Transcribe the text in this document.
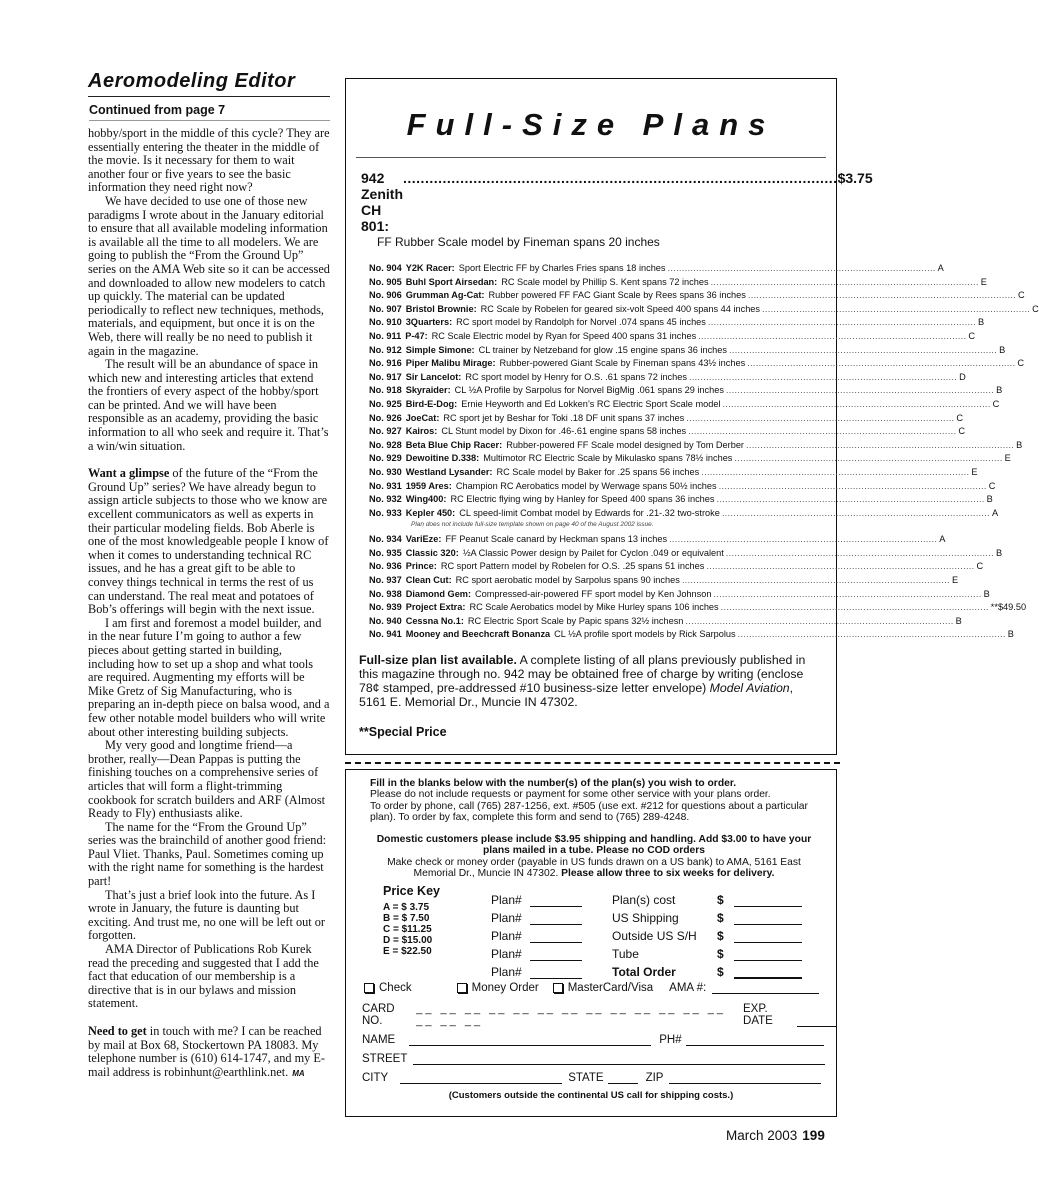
Aeromodeling Editor
Continued from page 7

hobby/sport in the middle of this cycle? They are essentially entering the theater in the middle of the movie. Is it necessary for them to wait another four or five years to see the basic information they need right now?

We have decided to use one of those new paradigms I wrote about in the January editorial to ensure that all available modeling information is available all the time to all modelers. We are going to publish the “From the Ground Up” series on the AMA Web site so it can be accessed and downloaded to allow new modelers to catch up quickly. The material can be updated periodically to reflect new techniques, methods, materials, and equipment, but once it is on the Web, there will really be no need to publish it again in the magazine.

The result will be an abundance of space in which new and interesting articles that extend the frontiers of every aspect of the hobby/sport can be printed. And we will have been responsible as an academy, providing the basic information to all who seek and require it. That’s a win/win situation.

Want a glimpse of the future of the “From the Ground Up” series? We have already begun to assign article subjects to those who we know are excellent communicators as well as experts in their particular modeling fields. Bob Aberle is one of the most knowledgeable people I know of when it comes to understanding technical RC issues, and he has a great gift to be able to convey things technical in terms the rest of us can understand. The real meat and potatoes of Bob’s offerings will begin with the next issue.

I am first and foremost a model builder, and in the near future I’m going to author a few pieces about getting started in building, including how to set up a shop and what tools are required. Augmenting my efforts will be Mike Gretz of Sig Manufacturing, who is preparing an in-depth piece on balsa wood, and a few other notable model builders who will write about other interesting building subjects.

My very good and longtime friend—a brother, really—Dean Pappas is putting the finishing touches on a comprehensive series of articles that will form a flight-trimming cookbook for scratch builders and ARF (Almost Ready to Fly) enthusiasts alike.

The name for the “From the Ground Up” series was the brainchild of another good friend: Paul Vliet. Thanks, Paul. Sometimes coming up with the right name for something is the hardest part!

That’s just a brief look into the future. As I wrote in January, the future is daunting but exciting. And trust me, no one will be left out or forgotten.

AMA Director of Publications Rob Kurek read the preceding and suggested that I add the fact that education of our membership is a directive that is in our bylaws and mission statement.

Need to get in touch with me? I can be reached by mail at Box 68, Stockertown PA 18083. My telephone number is (610) 614-1747, and my E-mail address is robinhunt@earthlink.net. MA

Full-Size Plans
942 Zenith CH 801:
................................................................................................... $3.75
FF Rubber Scale model by Fineman spans 20 inches
No. 904 Y2K Racer: Sport Electric FF by Charles Fries spans 18 inches .............................................................................................. A
No. 905 Buhl Sport Airsedan: RC Scale model by Phillip S. Kent spans 72 inches .............................................................................................. E
No. 906 Grumman Ag-Cat: Rubber powered FF FAC Giant Scale by Rees spans 36 inches .............................................................................................. C
No. 907 Bristol Brownie: RC Scale by Robelen for geared six-volt Speed 400 spans 44 inches .............................................................................................. C
No. 910 3Quarters: RC sport model by Randolph for Norvel .074 spans 45 inches .............................................................................................. B
No. 911 P-47: RC Scale Electric model by Ryan for Speed 400 spans 31 inches .............................................................................................. C
No. 912 Simple Simone: CL trainer by Netzeband for glow .15 engine spans 36 inches .............................................................................................. B
No. 916 Piper Malibu Mirage: Rubber-powered Giant Scale by Fineman spans 43½ inches .............................................................................................. C
No. 917 Sir Lancelot: RC sport model by Henry for O.S. .61 spans 72 inches .............................................................................................. D
No. 918 Skyraider: CL ½A Profile by Sarpolus for Norvel BigMig .061 spans 29 inches .............................................................................................. B
No. 925 Bird-E-Dog: Ernie Heyworth and Ed Lokken’s RC Electric Sport Scale model .............................................................................................. C
No. 926 JoeCat: RC sport jet by Beshar for Toki .18 DF unit spans 37 inches .............................................................................................. C
No. 927 Kairos: CL Stunt model by Dixon for .46-.61 engine spans 58 inches .............................................................................................. C
No. 928 Beta Blue Chip Racer: Rubber-powered FF Scale model designed by Tom Derber .............................................................................................. B
No. 929 Dewoitine D.338: Multimotor RC Electric Scale by Mikulasko spans 78½ inches .............................................................................................. E
No. 930 Westland Lysander: RC Scale model by Baker for .25 spans 56 inches .............................................................................................. E
No. 931 1959 Ares: Champion RC Aerobatics model by Werwage spans 50½ inches .............................................................................................. C
No. 932 Wing400: RC Electric flying wing by Hanley for Speed 400 spans 36 inches .............................................................................................. B
No. 933 Kepler 450: CL speed-limit Combat model by Edwards for .21-.32 two-stroke .............................................................................................. A
Plan does not include full-size template shown on page 40 of the August 2002 issue.
No. 934 VariEze: FF Peanut Scale canard by Heckman spans 13 inches .............................................................................................. A
No. 935 Classic 320: ½A Classic Power design by Pailet for Cyclon .049 or equivalent .............................................................................................. B
No. 936 Prince: RC sport Pattern model by Robelen for O.S. .25 spans 51 inches .............................................................................................. C
No. 937 Clean Cut: RC sport aerobatic model by Sarpolus spans 90 inches .............................................................................................. E
No. 938 Diamond Gem: Compressed-air-powered FF sport model by Ken Johnson .............................................................................................. B
No. 939 Project Extra: RC Scale Aerobatics model by Mike Hurley spans 106 inches .............................................................................................. **$49.50
No. 940 Cessna No.1: RC Electric Sport Scale by Papic spans 32½ inchesn .............................................................................................. B
No. 941 Mooney and Beechcraft Bonanza CL ½A profile sport models by Rick Sarpolus .............................................................................................. B

Full-size plan list available. A complete listing of all plans previously published in this magazine through no. 942 may be obtained free of charge by writing (enclose 78¢ stamped, pre-addressed #10 business-size letter envelope) Model Aviation, 5161 E. Memorial Dr., Muncie IN 47302.

**Special Price

Fill in the blanks below with the number(s) of the plan(s) you wish to order.

Please do not include requests or payment for some other service with your plans order.

To order by phone, call (765) 287-1256, ext. #505 (use ext. #212 for questions about a particular plan). To order by fax, complete this form and send to (765) 289-4248.

Domestic customers please include $3.95 shipping and handling. Add $3.00 to have your plans mailed in a tube. Please no COD orders

Make check or money order (payable in US funds drawn on a US bank) to AMA, 5161 East Memorial Dr., Muncie IN 47302. Please allow three to six weeks for delivery.

Price Key
A = $ 3.75
B = $ 7.50
C = $11.25
D = $15.00
E = $22.50
Plan#
Plan#
Plan#
Plan#
Plan#
Plan(s) cost	$
US Shipping	$
Outside US S/H	$
Tube	$
Total Order	$
Check	Money Order	MasterCard/Visa AMA #:
CARD NO.
__ __ __ __ __ __ __ __ __ __ __ __ __ __ __ __
EXP. DATE
NAME	PH#
STREET
CITY	STATE	ZIP
(Customers outside the continental US call for shipping costs.)
March 2003 199
